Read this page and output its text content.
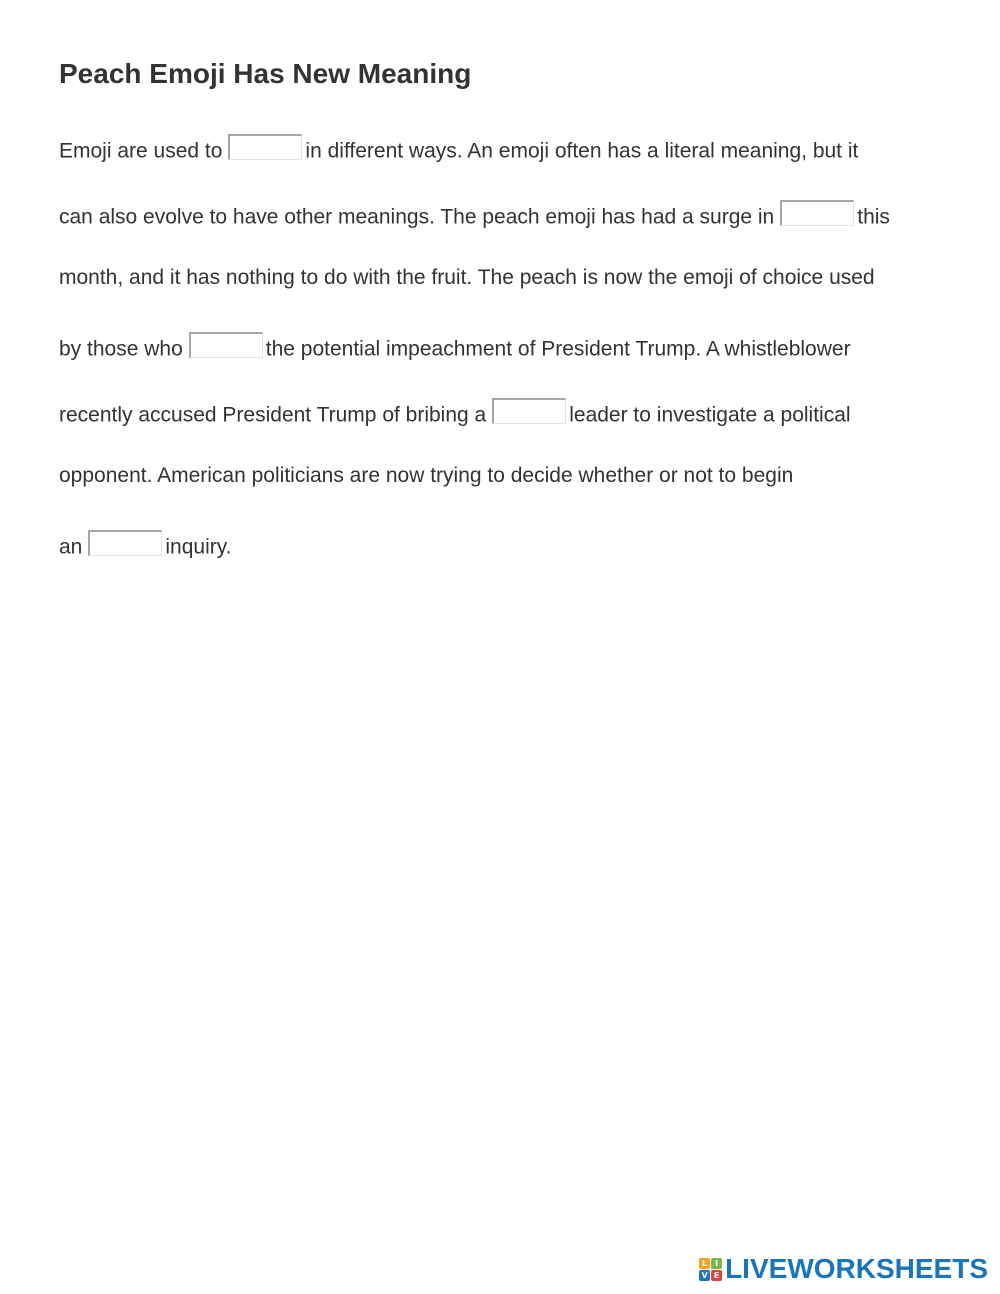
Peach Emoji Has New Meaning
Emoji are used to	in different ways. An emoji often has a literal meaning, but it
can also evolve to have other meanings. The peach emoji has had a surge in	this
month, and it has nothing to do with the fruit. The peach is now the emoji of choice used
by those who	the potential impeachment of President Trump. A whistleblower
recently accused President Trump of bribing a	leader to investigate a political
opponent. American politicians are now trying to decide whether or not to begin
an	inquiry.
L I
V E LIVEWORKSHEETS
